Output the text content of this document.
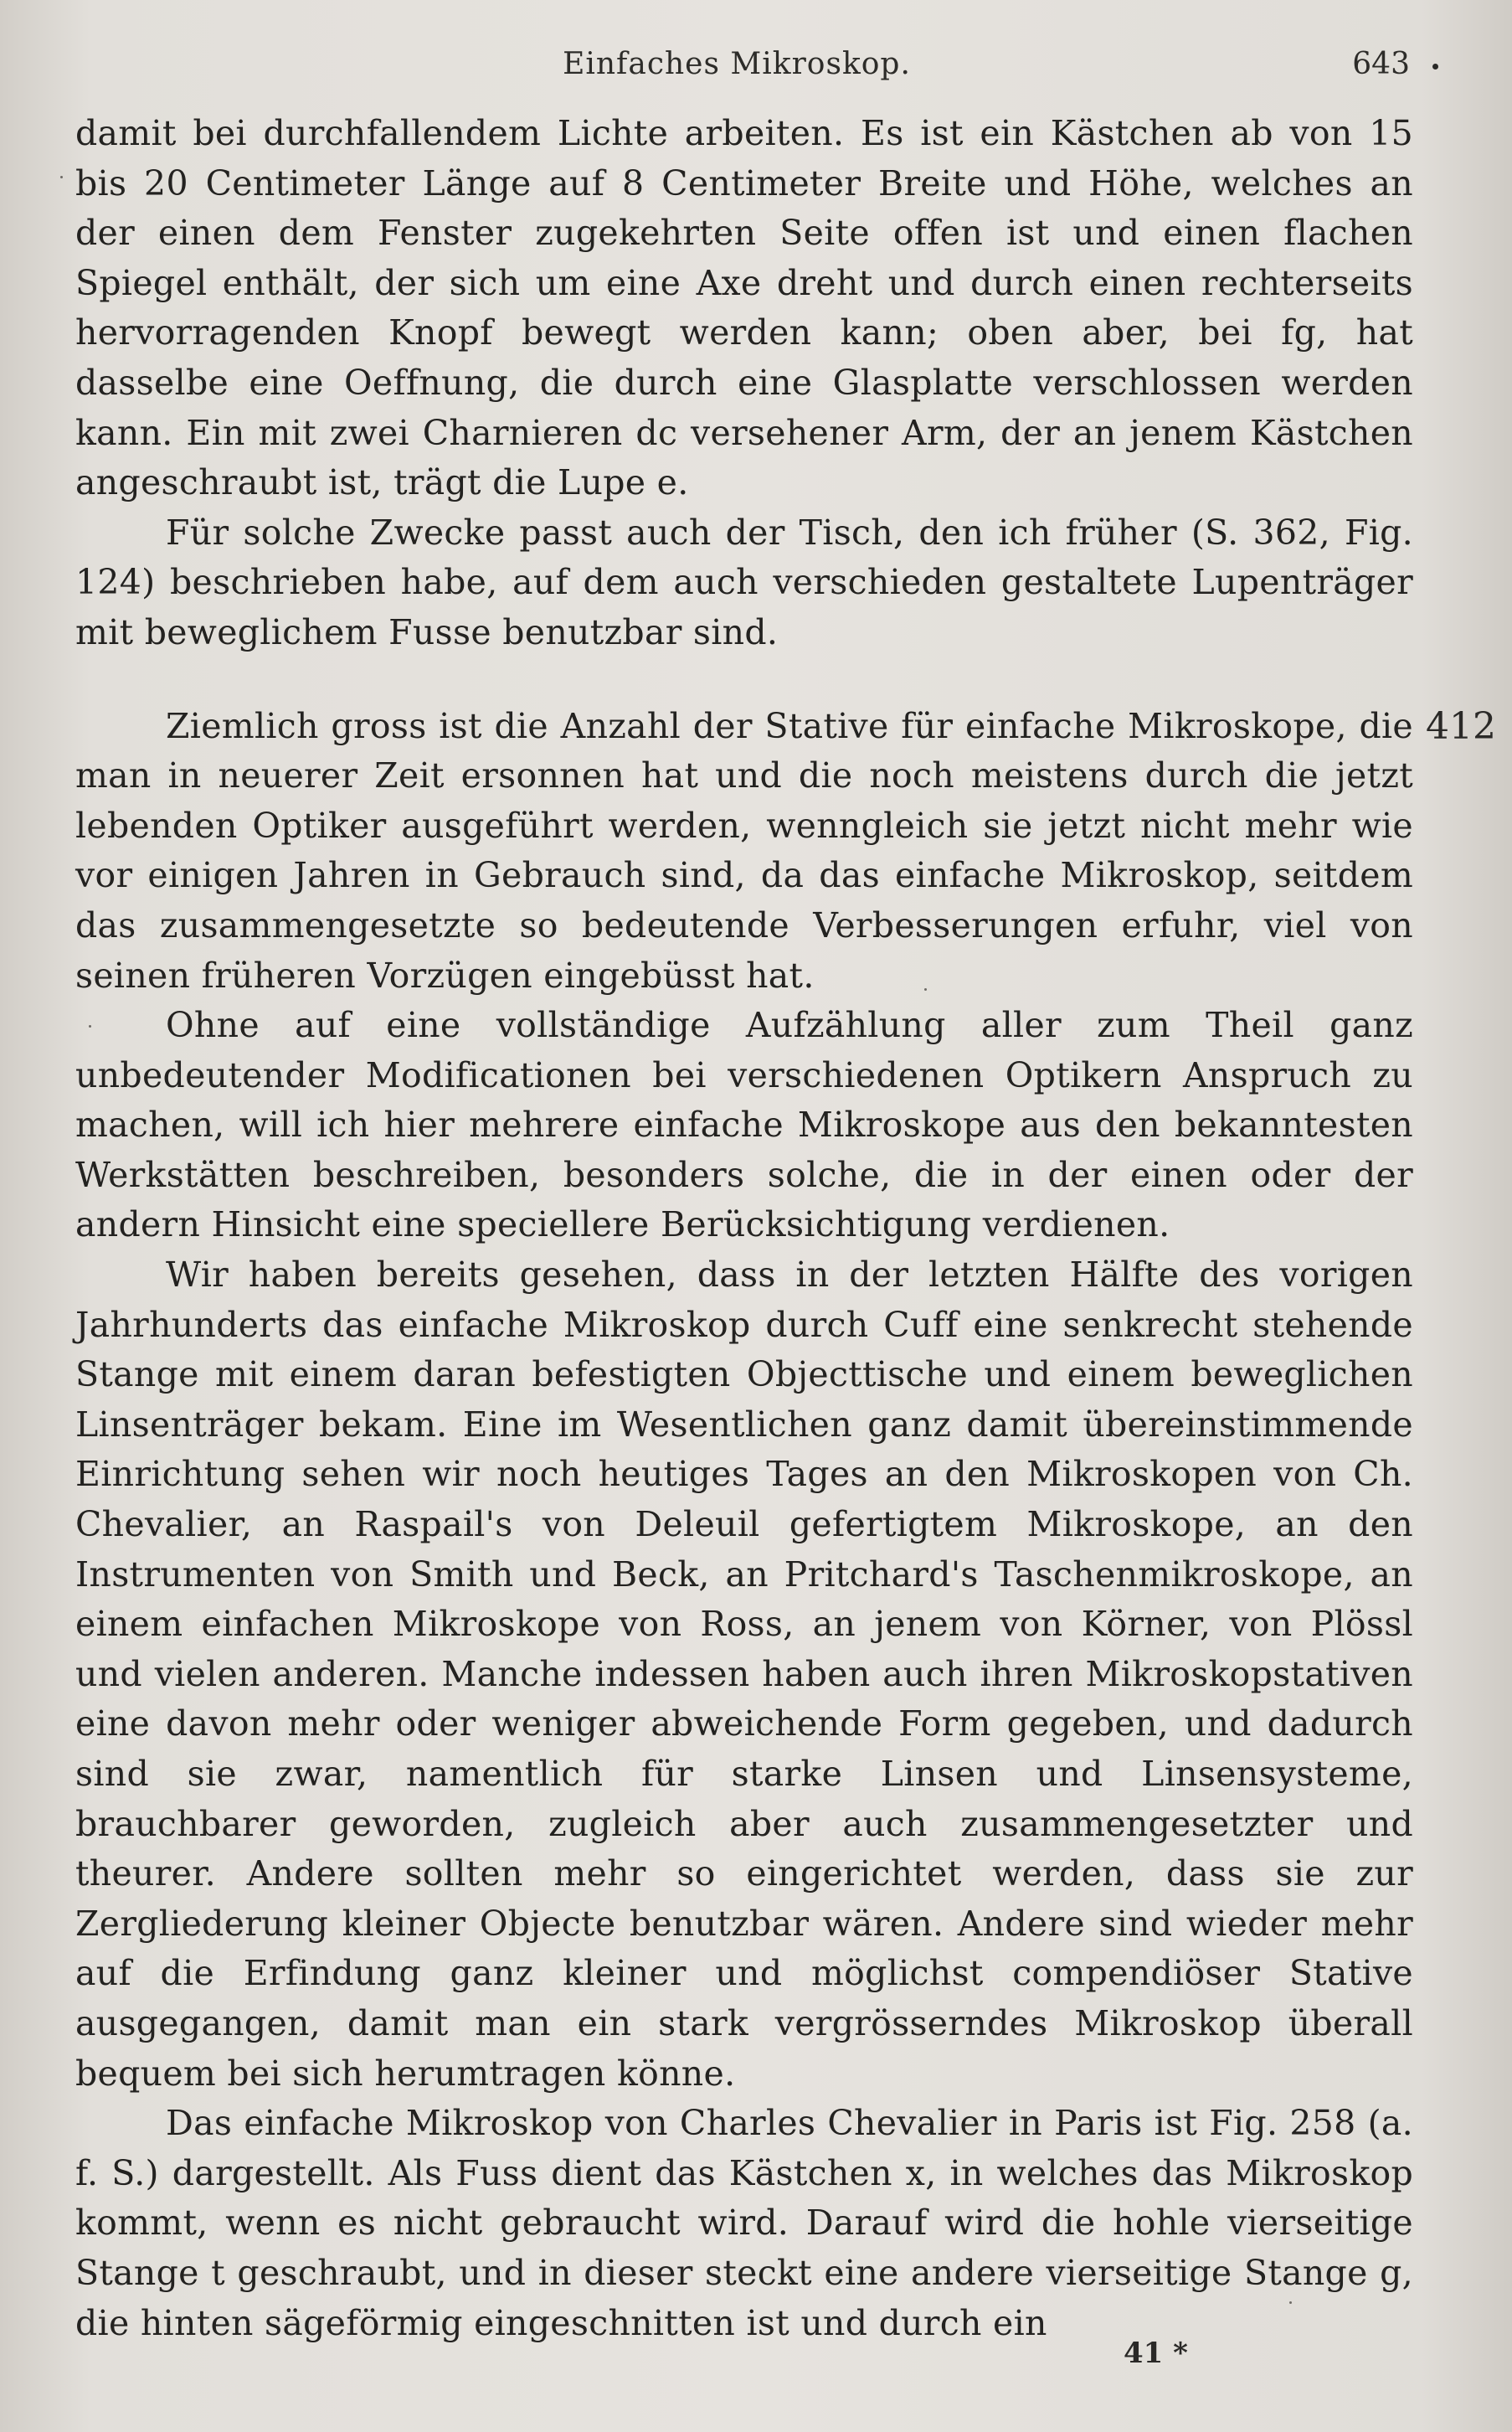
Einfaches Mikroskop.	643

damit bei durchfallendem Lichte arbeiten. Es ist ein Kästchen ab von 15 bis 20 Centimeter Länge auf 8 Centimeter Breite und Höhe, welches an der einen dem Fenster zugekehrten Seite offen ist und einen flachen Spiegel enthält, der sich um eine Axe dreht und durch einen rechterseits hervorragenden Knopf bewegt werden kann; oben aber, bei fg, hat dasselbe eine Oeffnung, die durch eine Glasplatte verschlossen werden kann. Ein mit zwei Charnieren dc versehener Arm, der an jenem Kästchen angeschraubt ist, trägt die Lupe e.

Für solche Zwecke passt auch der Tisch, den ich früher (S. 362, Fig. 124) beschrieben habe, auf dem auch verschieden gestaltete Lupenträger mit beweglichem Fusse benutzbar sind.

Ziemlich gross ist die Anzahl der Stative für einfache Mikroskope, die man in neuerer Zeit ersonnen hat und die noch meistens durch die jetzt lebenden Optiker ausgeführt werden, wenngleich sie jetzt nicht mehr wie vor einigen Jahren in Gebrauch sind, da das einfache Mikroskop, seitdem das zusammengesetzte so bedeutende Verbesserungen erfuhr, viel von seinen früheren Vorzügen eingebüsst hat.

Ohne auf eine vollständige Aufzählung aller zum Theil ganz unbedeutender Modificationen bei verschiedenen Optikern Anspruch zu machen, will ich hier mehrere einfache Mikroskope aus den bekanntesten Werkstätten beschreiben, besonders solche, die in der einen oder der andern Hinsicht eine speciellere Berücksichtigung verdienen.

Wir haben bereits gesehen, dass in der letzten Hälfte des vorigen Jahrhunderts das einfache Mikroskop durch Cuff eine senkrecht stehende Stange mit einem daran befestigten Objecttische und einem beweglichen Linsenträger bekam. Eine im Wesentlichen ganz damit übereinstimmende Einrichtung sehen wir noch heutiges Tages an den Mikroskopen von Ch. Chevalier, an Raspail's von Deleuil gefertigtem Mikroskope, an den Instrumenten von Smith und Beck, an Pritchard's Taschenmikroskope, an einem einfachen Mikroskope von Ross, an jenem von Körner, von Plössl und vielen anderen. Manche indessen haben auch ihren Mikroskopstativen eine davon mehr oder weniger abweichende Form gegeben, und dadurch sind sie zwar, namentlich für starke Linsen und Linsensysteme, brauchbarer geworden, zugleich aber auch zusammengesetzter und theurer. Andere sollten mehr so eingerichtet werden, dass sie zur Zergliederung kleiner Objecte benutzbar wären. Andere sind wieder mehr auf die Erfindung ganz kleiner und möglichst compendiöser Stative ausgegangen, damit man ein stark vergrösserndes Mikroskop überall bequem bei sich herumtragen könne.

Das einfache Mikroskop von Charles Chevalier in Paris ist Fig. 258 (a. f. S.) dargestellt. Als Fuss dient das Kästchen x, in welches das Mikroskop kommt, wenn es nicht gebraucht wird. Darauf wird die hohle vierseitige Stange t geschraubt, und in dieser steckt eine andere vierseitige Stange g, die hinten sägeförmig eingeschnitten ist und durch ein

412
41 *
